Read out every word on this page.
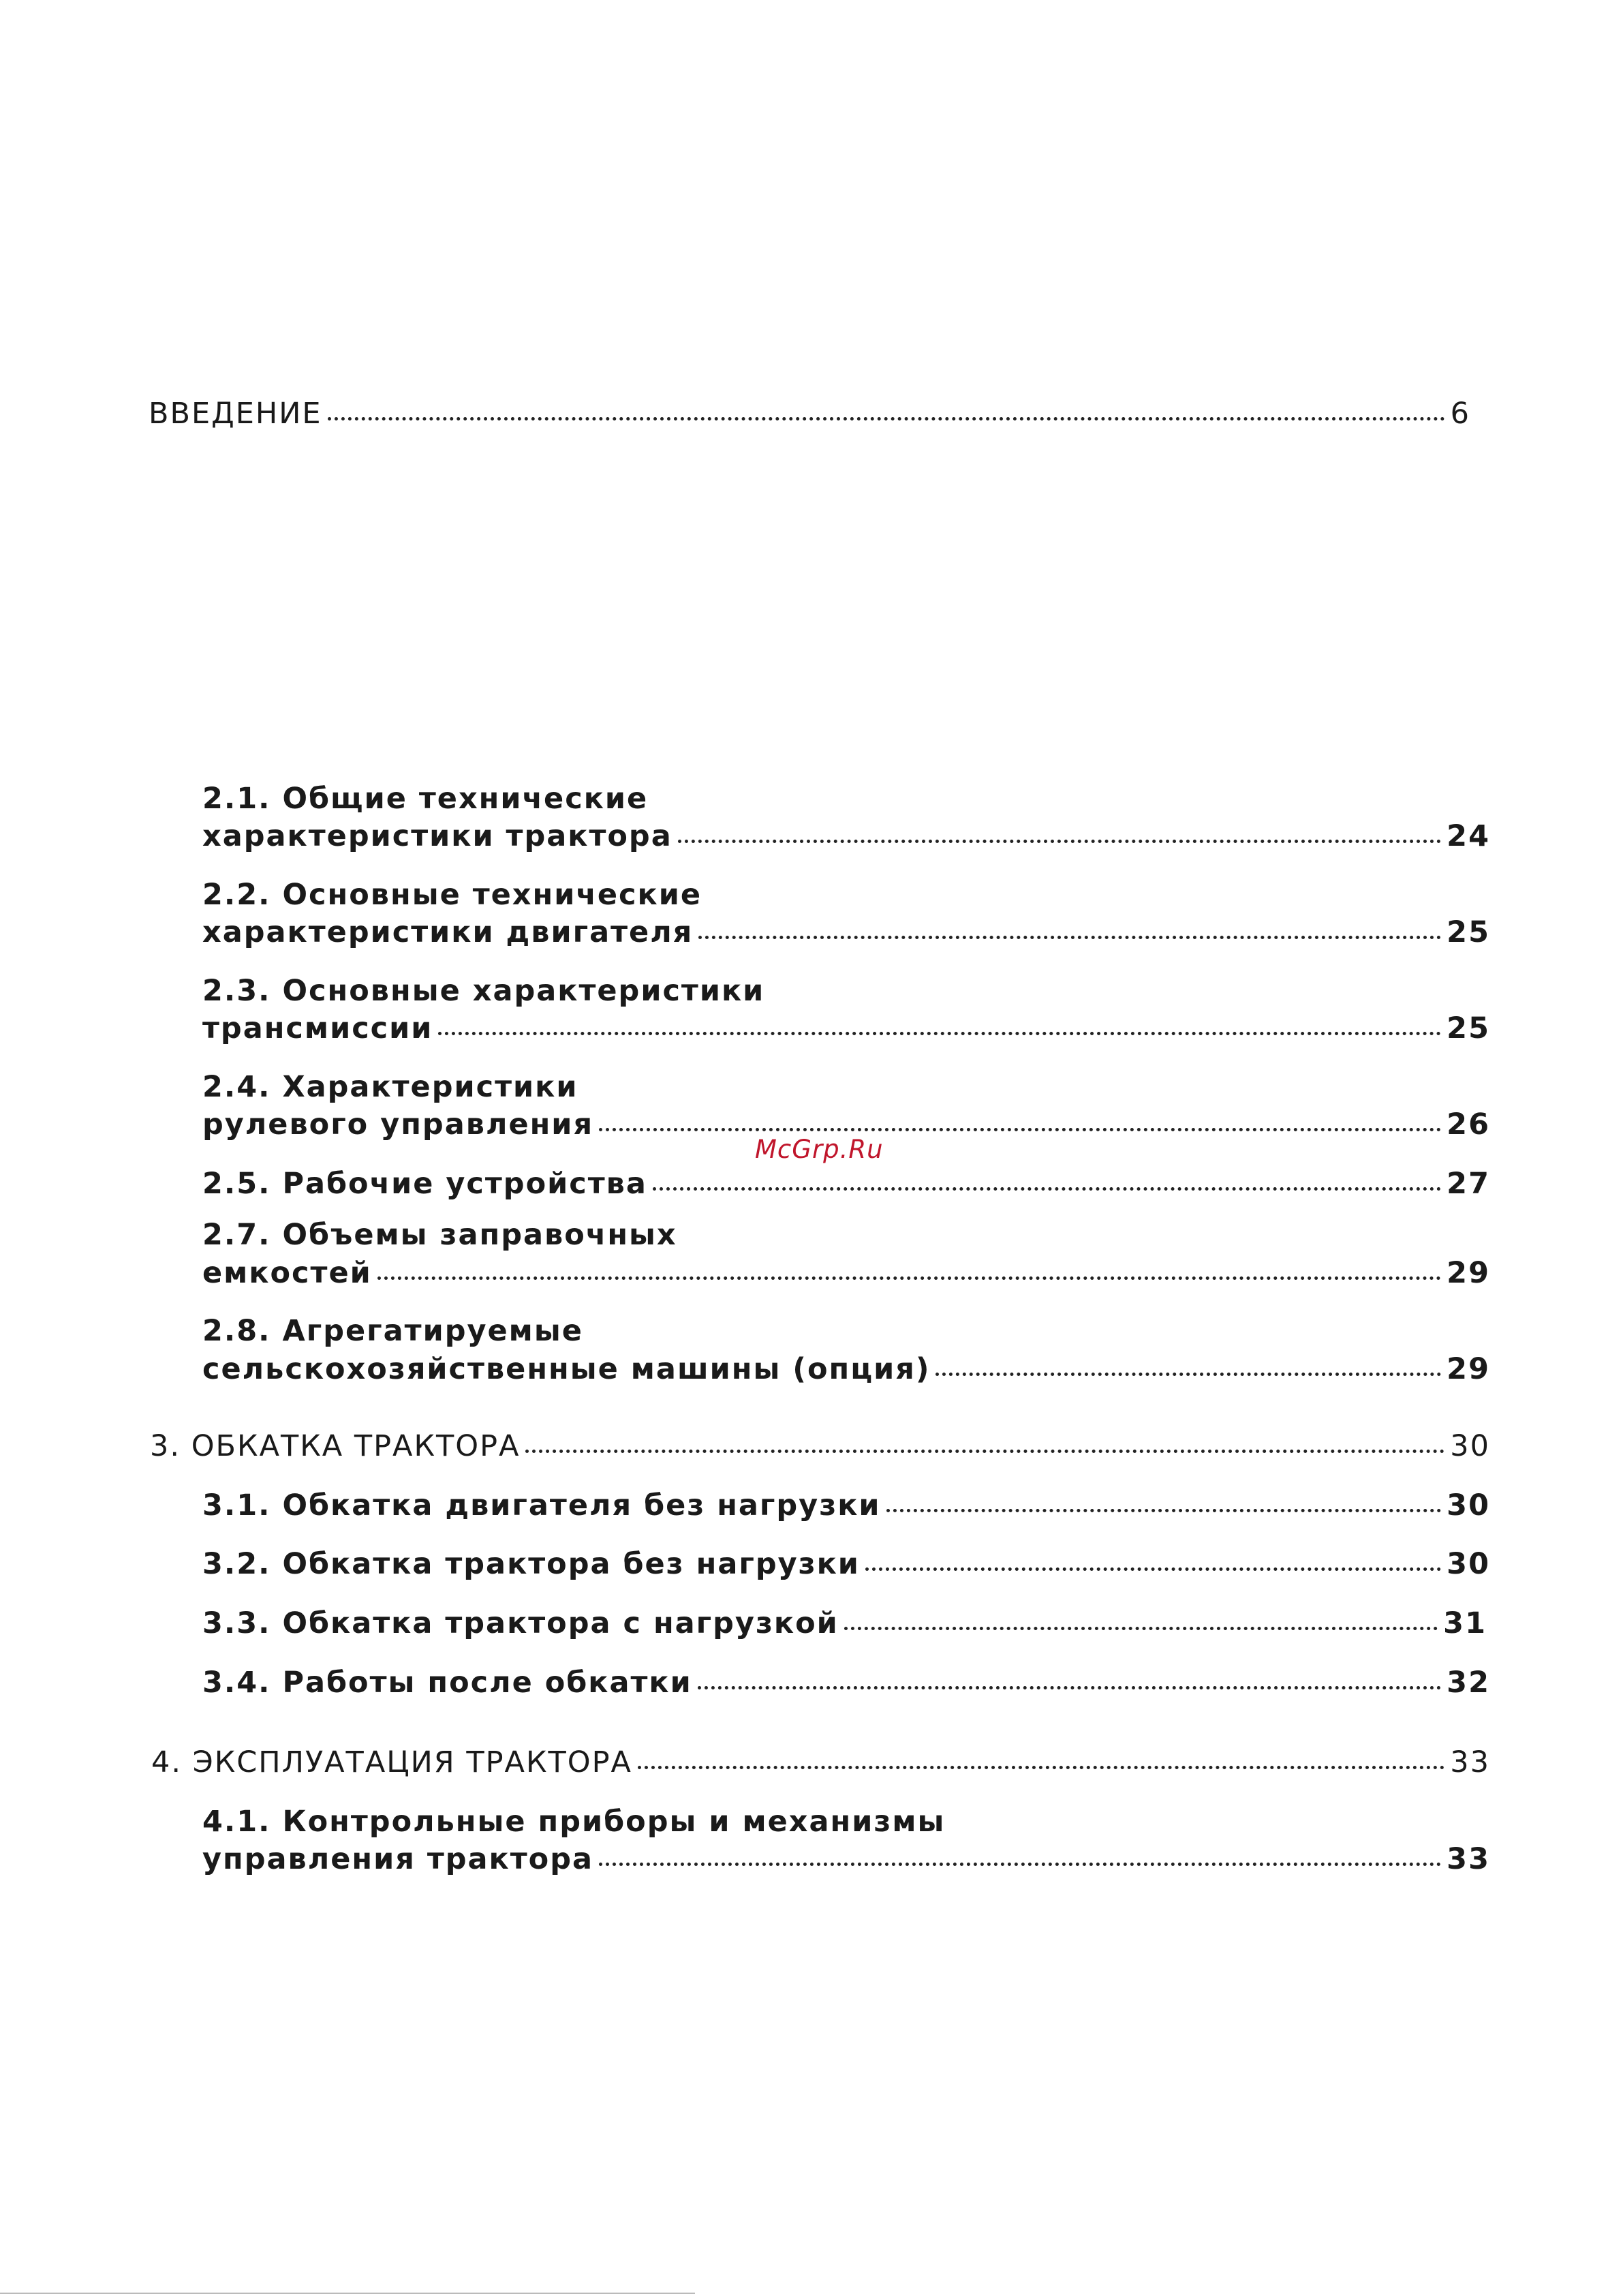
ВВЕДЕНИЕ	6
2.1. Общие технические
характеристики трактора	24
2.2. Основные технические
характеристики двигателя	25
2.3. Основные характеристики
трансмиссии	25
2.4. Характеристики
рулевого управления	26
McGrp.Ru
2.5. Рабочие устройства	27
2.7. Объемы заправочных
емкостей	29
2.8. Агрегатируемые
сельскохозяйственные машины (опция)	29
3. ОБКАТКА ТРАКТОРА	30
3.1. Обкатка двигателя без нагрузки	30
3.2. Обкатка трактора без нагрузки	30
3.3. Обкатка трактора с нагрузкой	31
3.4. Работы после обкатки	32
4. ЭКСПЛУАТАЦИЯ ТРАКТОРА	33
4.1. Контрольные приборы и механизмы
управления трактора	33
